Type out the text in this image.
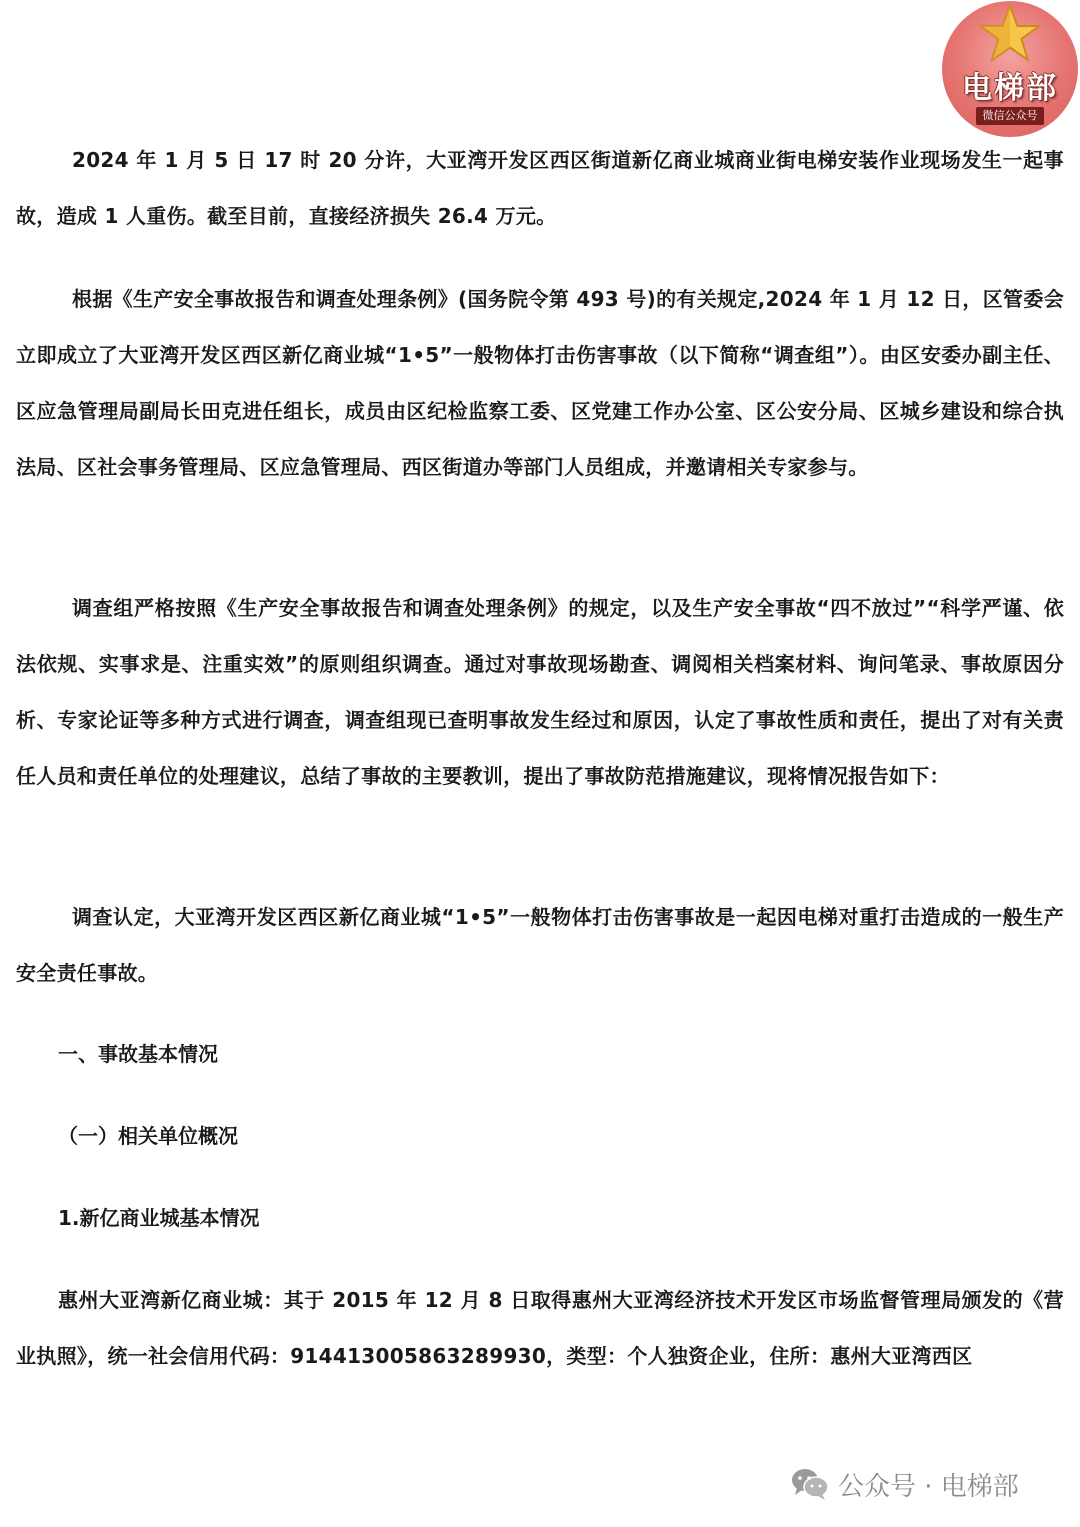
电梯部
微信公众号

2024 年 1 月 5 日 17 时 20 分许，大亚湾开发区西区街道新亿商业城商业街电梯安装作业现场发生一起事故，造成 1 人重伤。截至目前，直接经济损失 26.4 万元。

根据《生产安全事故报告和调查处理条例》(国务院令第 493 号)的有关规定,2024 年 1 月 12 日，区管委会立即成立了大亚湾开发区西区新亿商业城“1•5”一般物体打击伤害事故（以下简称“调查组”）。由区安委办副主任、区应急管理局副局长田克进任组长，成员由区纪检监察工委、区党建工作办公室、区公安分局、区城乡建设和综合执法局、区社会事务管理局、区应急管理局、西区街道办等部门人员组成，并邀请相关专家参与。

调查组严格按照《生产安全事故报告和调查处理条例》的规定，以及生产安全事故“四不放过”“科学严谨、依法依规、实事求是、注重实效”的原则组织调查。通过对事故现场勘查、调阅相关档案材料、询问笔录、事故原因分析、专家论证等多种方式进行调查，调查组现已查明事故发生经过和原因，认定了事故性质和责任，提出了对有关责任人员和责任单位的处理建议，总结了事故的主要教训，提出了事故防范措施建议，现将情况报告如下：

调查认定，大亚湾开发区西区新亿商业城“1•5”一般物体打击伤害事故是一起因电梯对重打击造成的一般生产安全责任事故。

一、事故基本情况
（一）相关单位概况
1.新亿商业城基本情况

惠州大亚湾新亿商业城：其于 2015 年 12 月 8 日取得惠州大亚湾经济技术开发区市场监督管理局颁发的《营业执照》，统一社会信用代码：914413005863289930，类型：个人独资企业，住所：惠州大亚湾西区

公众号 · 电梯部
